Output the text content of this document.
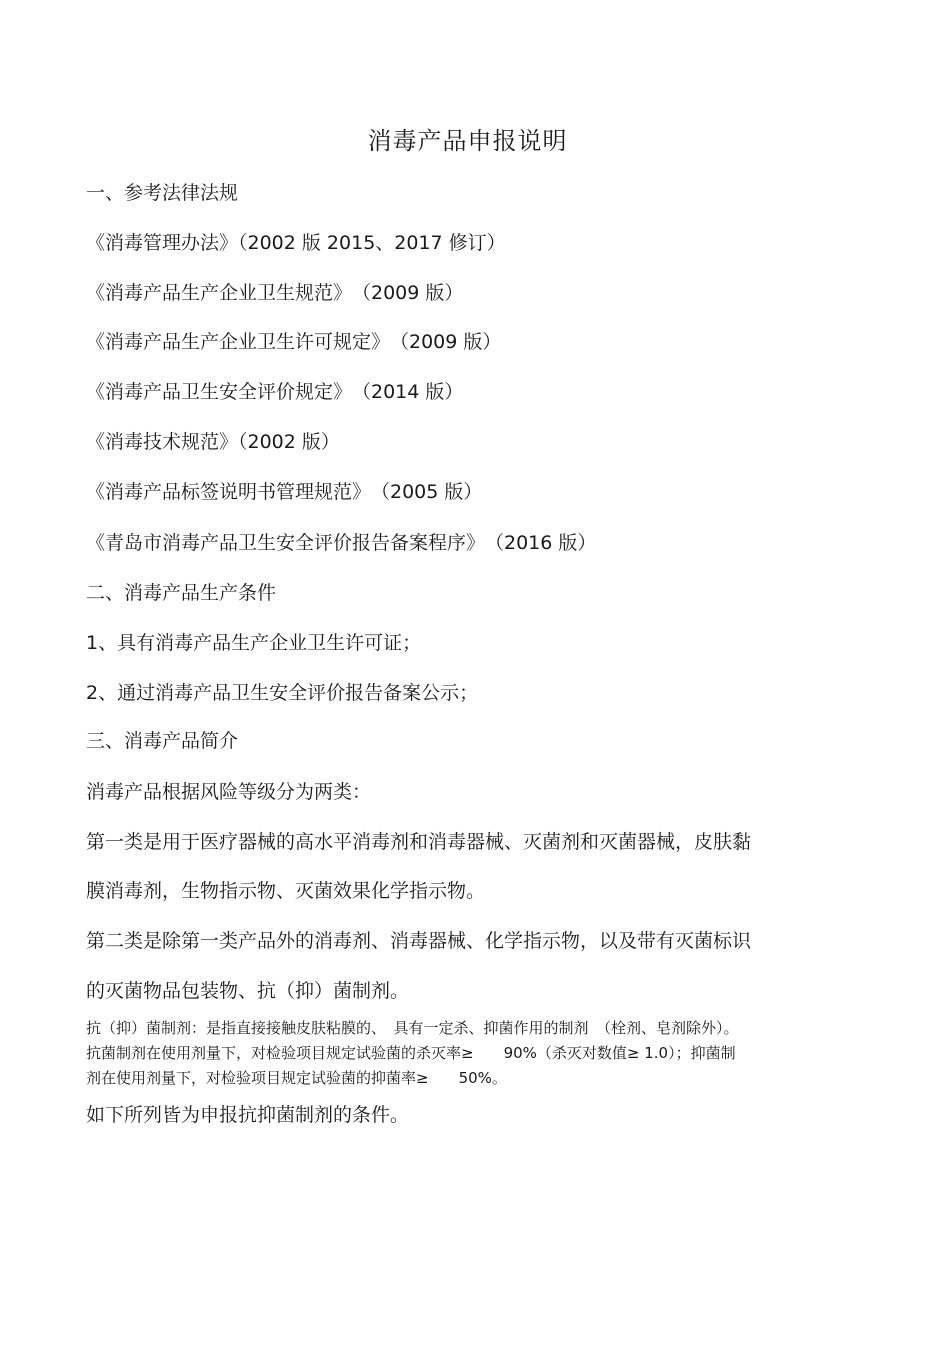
消毒产品申报说明
一、参考法律法规
《消毒管理办法》（2002 版 2015、2017 修订）
《消毒产品生产企业卫生规范》　（2009 版）
《消毒产品生产企业卫生许可规定》　（2009 版）
《消毒产品卫生安全评价规定》　（2014 版）
《消毒技术规范》（2002 版）
《消毒产品标签说明书管理规范》　（2005 版）
《青岛市消毒产品卫生安全评价报告备案程序》　（2016 版）
二、消毒产品生产条件
1、具有消毒产品生产企业卫生许可证；
2、通过消毒产品卫生安全评价报告备案公示；
三、消毒产品简介
消毒产品根据风险等级分为两类：
第一类是用于医疗器械的高水平消毒剂和消毒器械、灭菌剂和灭菌器械，皮肤黏
膜消毒剂，生物指示物、灭菌效果化学指示物。
第二类是除第一类产品外的消毒剂、消毒器械、化学指示物，以及带有灭菌标识
的灭菌物品包装物、抗（抑）菌制剂。
抗（抑）菌制剂：是指直接接触皮肤粘膜的、　具有一定杀、抑菌作用的制剂　（栓剂、皂剂除外）。
抗菌制剂在使用剂量下，对检验项目规定试验菌的杀灭率≥　　90%（杀灭对数值≥ 1.0）；抑菌制
剂在使用剂量下，对检验项目规定试验菌的抑菌率≥　　50%。
如下所列皆为申报抗抑菌制剂的条件。
